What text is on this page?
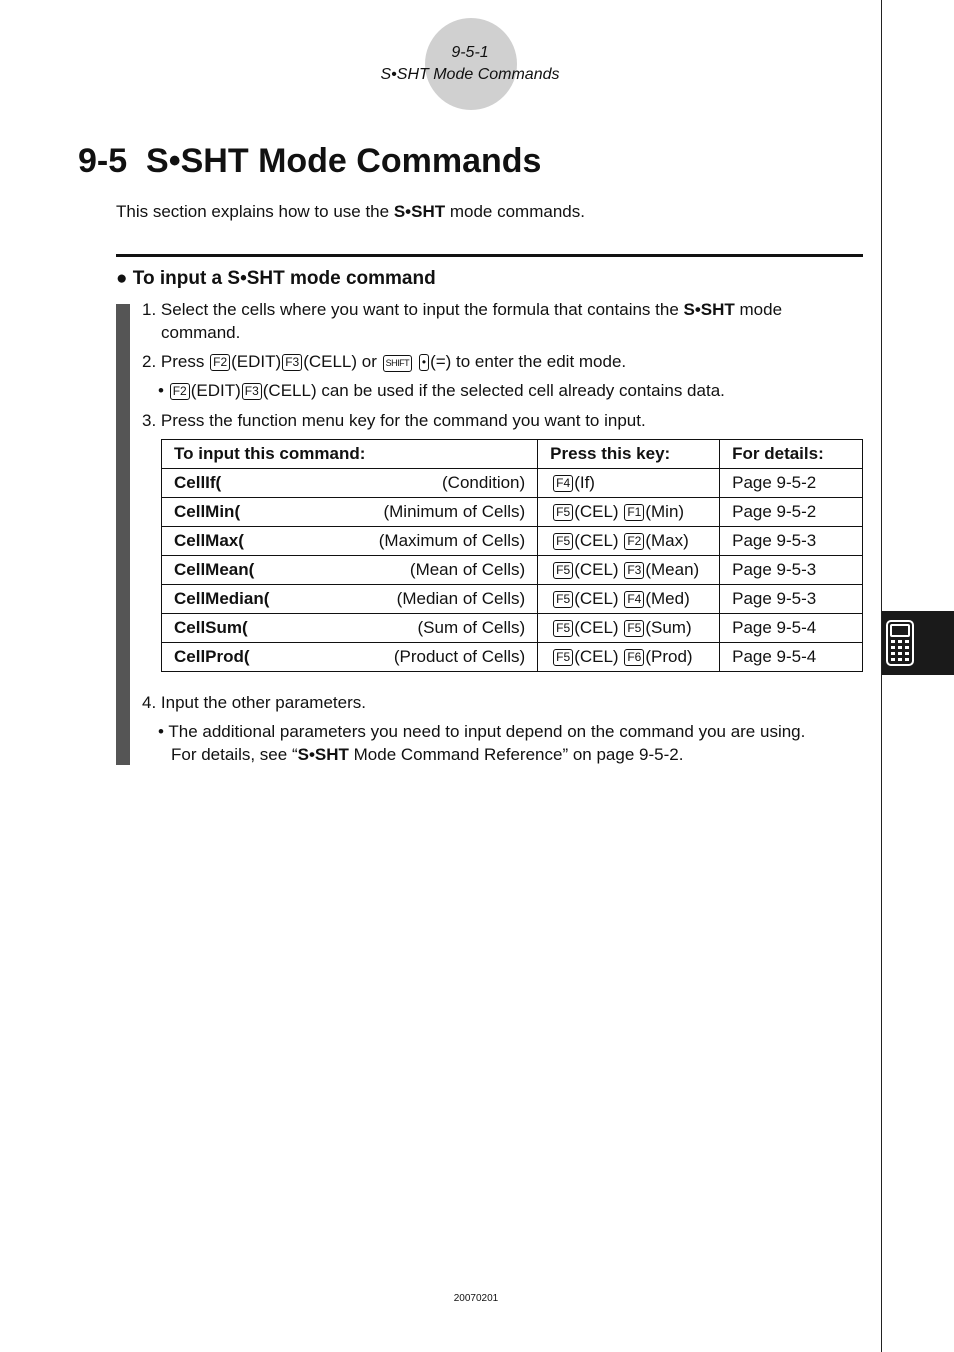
9-5-1
S•SHT Mode Commands
9-5 S•SHT Mode Commands
This section explains how to use the S•SHT mode commands.
● To input a S•SHT mode command
1. Select the cells where you want to input the formula that contains the S•SHT mode
command.
2. Press F2 (EDIT) F3 (CELL) or SHIFT • (=) to enter the edit mode.
• F2 (EDIT) F3 (CELL) can be used if the selected cell already contains data.
3. Press the function menu key for the command you want to input.
To input this command:	Press this key:	For details:

CellIf( (Condition)	F4 (If)	Page 9-5-2

CellMin( (Minimum of Cells)	F5 (CEL) F1 (Min)	Page 9-5-2

CellMax( (Maximum of Cells)	F5 (CEL) F2 (Max)	Page 9-5-3

CellMean( (Mean of Cells)	F5 (CEL) F3 (Mean)	Page 9-5-3

CellMedian( (Median of Cells)	F5 (CEL) F4 (Med)	Page 9-5-3

CellSum( (Sum of Cells)	F5 (CEL) F5 (Sum)	Page 9-5-4

CellProd( (Product of Cells)	F5 (CEL) F6 (Prod)	Page 9-5-4
4. Input the other parameters.
• The additional parameters you need to input depend on the command you are using.
For details, see “S•SHT Mode Command Reference” on page 9-5-2.
20070201
